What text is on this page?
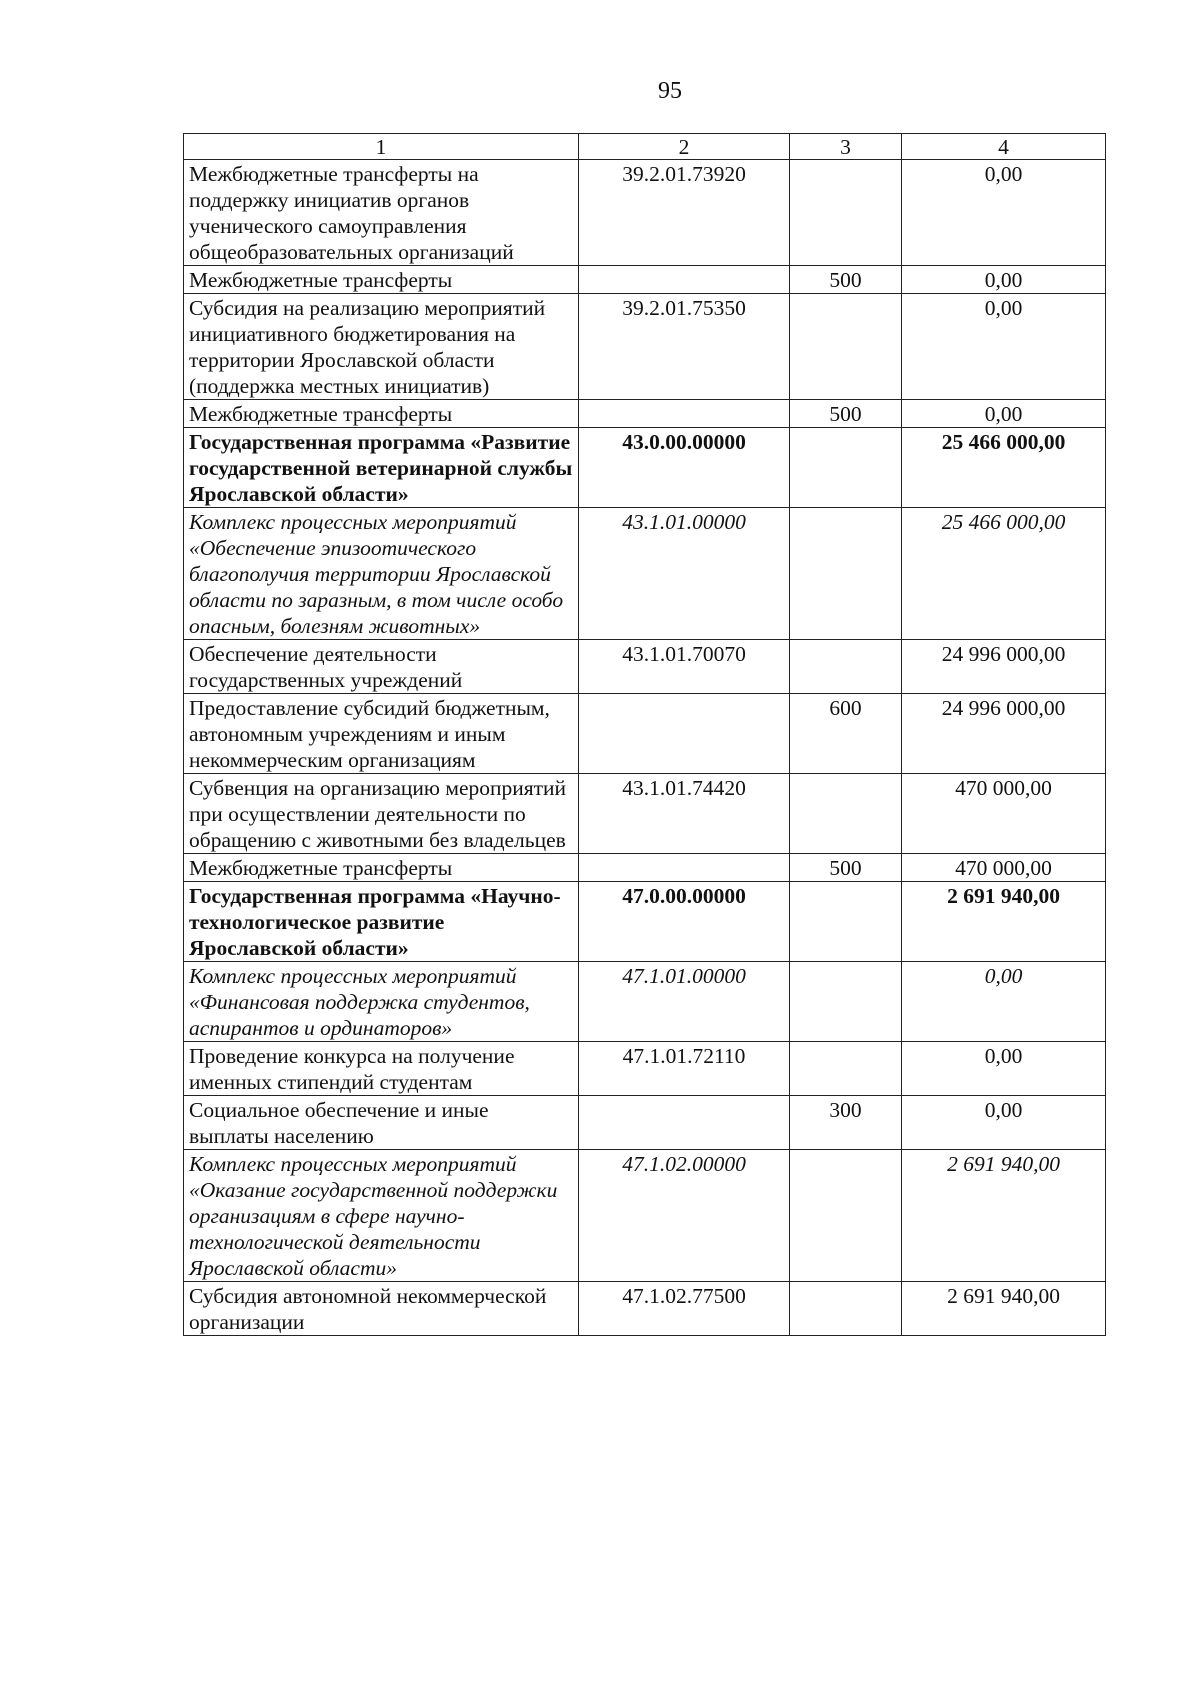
95
1	2	3	4
Межбюджетные трансферты на поддержку инициатив органов ученического самоуправления общеобразовательных организаций	39.2.01.73920		0,00
Межбюджетные трансферты		500	0,00
Субсидия на реализацию мероприятий инициативного бюджетирования на территории Ярославской области (поддержка местных инициатив)	39.2.01.75350		0,00
Межбюджетные трансферты		500	0,00
Государственная программа «Развитие государственной ветеринарной службы Ярославской области»	43.0.00.00000		25 466 000,00
Комплекс процессных мероприятий «Обеспечение эпизоотического благополучия территории Ярославской области по заразным, в том числе особо опасным, болезням животных»	43.1.01.00000		25 466 000,00
Обеспечение деятельности государственных учреждений	43.1.01.70070		24 996 000,00
Предоставление субсидий бюджетным, автономным учреждениям и иным некоммерческим организациям		600	24 996 000,00
Субвенция на организацию мероприятий при осуществлении деятельности по обращению с животными без владельцев	43.1.01.74420		470 000,00
Межбюджетные трансферты		500	470 000,00
Государственная программа «Научно-технологическое развитие Ярославской области»	47.0.00.00000		2 691 940,00
Комплекс процессных мероприятий «Финансовая поддержка студентов, аспирантов и ординаторов»	47.1.01.00000		0,00
Проведение конкурса на получение именных стипендий студентам	47.1.01.72110		0,00
Социальное обеспечение и иные выплаты населению		300	0,00
Комплекс процессных мероприятий «Оказание государственной поддержки организациям в сфере научно-технологической деятельности Ярославской области»	47.1.02.00000		2 691 940,00
Субсидия автономной некоммерческой организации	47.1.02.77500		2 691 940,00
